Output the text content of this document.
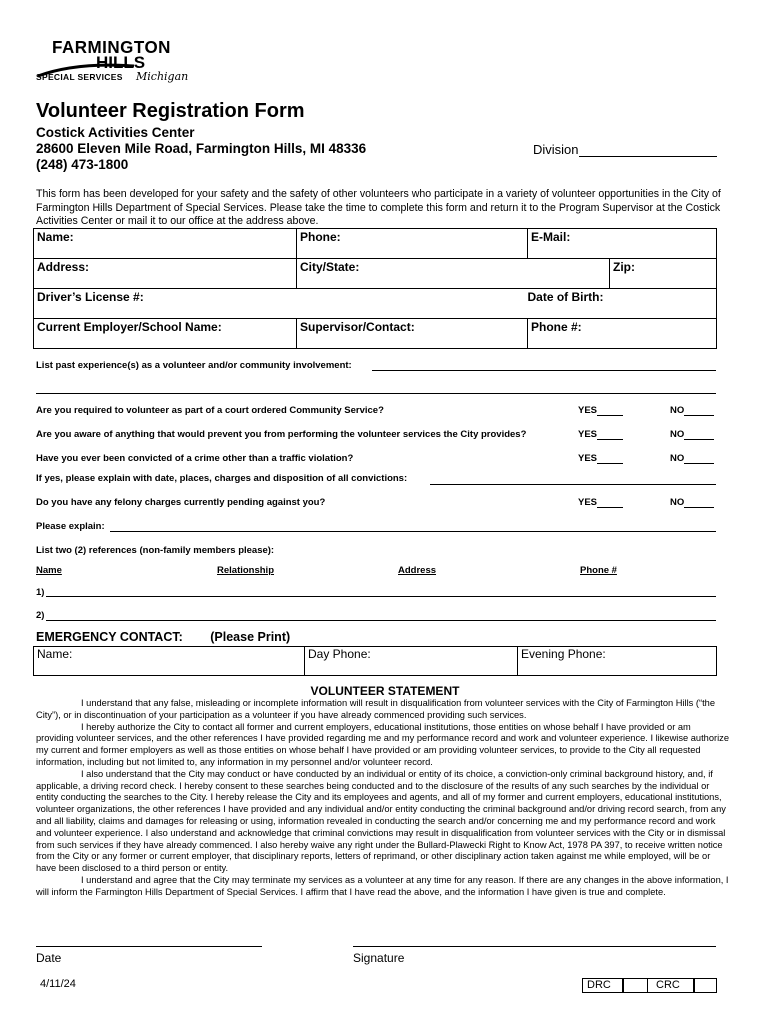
FARMINGTON
HILLS
SPECIAL SERVICES Michigan
Volunteer Registration Form
Costick Activities Center
28600 Eleven Mile Road, Farmington Hills, MI 48336
(248) 473-1800
Division
This form has been developed for your safety and the safety of other volunteers who participate in a variety of volunteer opportunities in the City of Farmington Hills Department of Special Services. Please take the time to complete this form and return it to the Program Supervisor at the Costick Activities Center or mail it to our office at the address above.
Name:	Phone:	E-Mail:	
Address:	City/State:		Zip:
Driver’s License #:		Date of Birth:	
Current Employer/School Name:	Supervisor/Contact:	Phone #:	
List past experience(s) as a volunteer and/or community involvement:
Are you required to volunteer as part of a court ordered Community Service?	YES	NO
Are you aware of anything that would prevent you from performing the volunteer services the City provides?	YES	NO
Have you ever been convicted of a crime other than a traffic violation?	YES	NO
If yes, please explain with date, places, charges and disposition of all convictions:
Do you have any felony charges currently pending against you?	YES	NO
Please explain:
List two (2) references (non-family members please):
Name	Relationship	Address	Phone #
1)
2)
EMERGENCY CONTACT: (Please Print)
Name:	Day Phone:	Evening Phone:
VOLUNTEER STATEMENT

I understand that any false, misleading or incomplete information will result in disqualification from volunteer services with the City of Farmington Hills (“the City”), or in discontinuation of your participation as a volunteer if you have already commenced providing such services.

I hereby authorize the City to contact all former and current employers, educational institutions, those entities on whose behalf I have provided or am providing volunteer services, and the other references I have provided regarding me and my performance record and work and volunteer experience. I likewise authorize my current and former employers as well as those entities on whose behalf I have provided or am providing volunteer services, to provide to the City all requested information, including but not limited to, any information in my personnel and/or volunteer record.

I also understand that the City may conduct or have conducted by an individual or entity of its choice, a conviction-only criminal background history, and, if applicable, a driving record check. I hereby consent to these searches being conducted and to the disclosure of the results of any such searches by the individual or entity conducting the searches to the City. I hereby release the City and its employees and agents, and all of my former and current employers, educational institutions, volunteer organizations, the other references I have provided and any individual and/or entity conducting the criminal background and/or driving record search, from any and all liability, claims and damages for releasing or using, information revealed in conducting the search and/or concerning me and my performance record and work and volunteer experience. I also understand and acknowledge that criminal convictions may result in disqualification from volunteer services with the City or in dismissal from such services if they have already commenced. I also hereby waive any right under the Bullard-Plawecki Right to Know Act, 1978 PA 397, to receive written notice from the City or any former or current employer, that disciplinary reports, letters of reprimand, or other disciplinary action taken against me while employed, will be or have been disclosed to a third person or entity.

I understand and agree that the City may terminate my services as a volunteer at any time for any reason. If there are any changes in the above information, I will inform the Farmington Hills Department of Special Services. I affirm that I have read the above, and the information I have given is true and complete.

Date	Signature
4/11/24	DRC	CRC
